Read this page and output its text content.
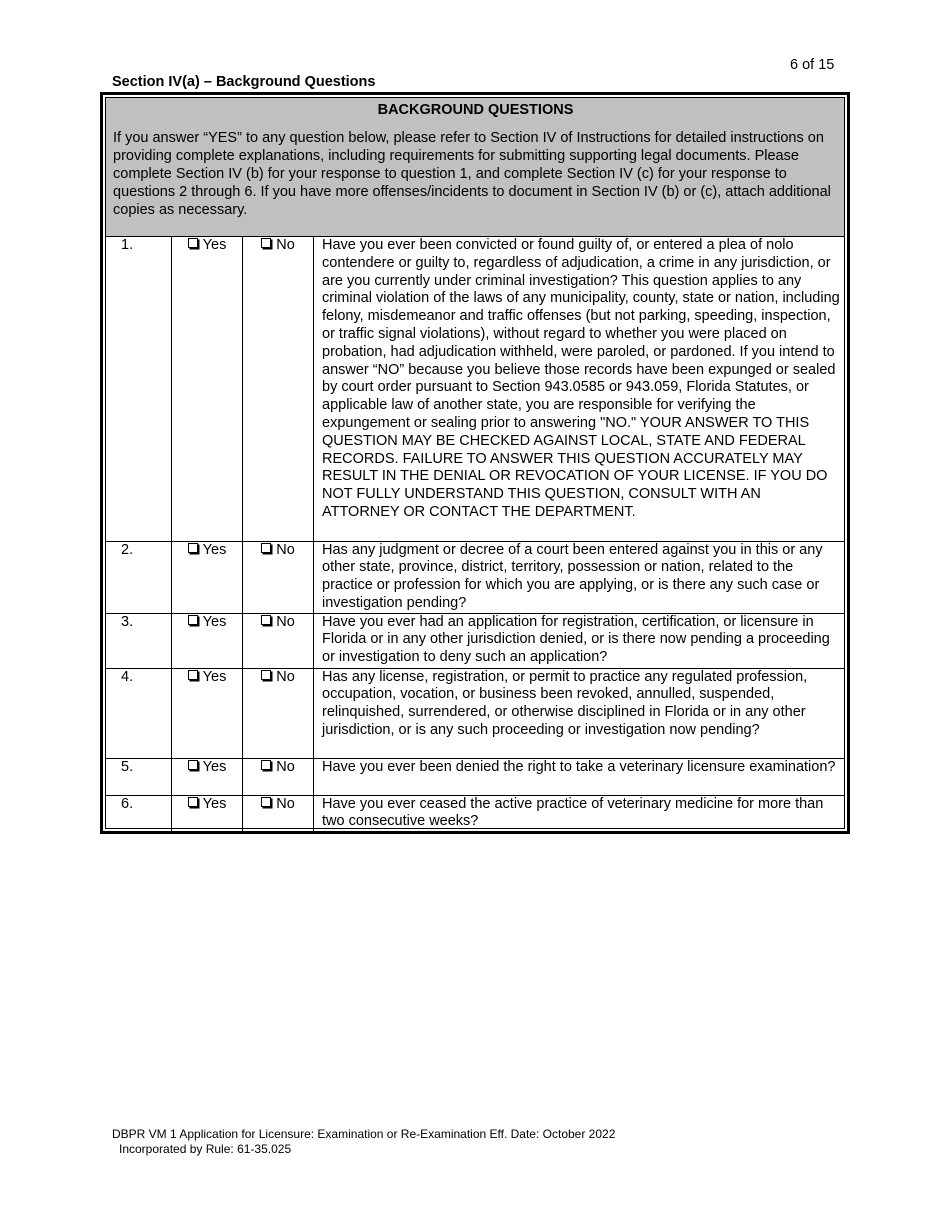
6 of 15
Section IV(a) – Background Questions
BACKGROUND QUESTIONS
If you answer “YES” to any question below, please refer to Section IV of Instructions for detailed instructions on providing complete explanations, including requirements for submitting supporting legal documents. Please complete Section IV (b) for your response to question 1, and complete Section IV (c) for your response to questions 2 through 6. If you have more offenses/incidents to document in Section IV (b) or (c), attach additional copies as necessary.
1.	Yes	No	Have you ever been convicted or found guilty of, or entered a plea of nolo contendere or guilty to, regardless of adjudication, a crime in any jurisdiction, or are you currently under criminal investigation? This question applies to any criminal violation of the laws of any municipality, county, state or nation, including felony, misdemeanor and traffic offenses (but not parking, speeding, inspection, or traffic signal violations), without regard to whether you were placed on probation, had adjudication withheld, were paroled, or pardoned. If you intend to answer “NO” because you believe those records have been expunged or sealed by court order pursuant to Section 943.0585 or 943.059, Florida Statutes, or applicable law of another state, you are responsible for verifying the expungement or sealing prior to answering "NO." YOUR ANSWER TO THIS QUESTION MAY BE CHECKED AGAINST LOCAL, STATE AND FEDERAL RECORDS. FAILURE TO ANSWER THIS QUESTION ACCURATELY MAY RESULT IN THE DENIAL OR REVOCATION OF YOUR LICENSE. IF YOU DO NOT FULLY UNDERSTAND THIS QUESTION, CONSULT WITH AN ATTORNEY OR CONTACT THE DEPARTMENT.
2.	Yes	No	Has any judgment or decree of a court been entered against you in this or any other state, province, district, territory, possession or nation, related to the practice or profession for which you are applying, or is there any such case or investigation pending?
3.	Yes	No	Have you ever had an application for registration, certification, or licensure in Florida or in any other jurisdiction denied, or is there now pending a proceeding or investigation to deny such an application?
4.	Yes	No	Has any license, registration, or permit to practice any regulated profession, occupation, vocation, or business been revoked, annulled, suspended, relinquished, surrendered, or otherwise disciplined in Florida or in any other jurisdiction, or is any such proceeding or investigation now pending?
5.	Yes	No	Have you ever been denied the right to take a veterinary licensure examination?
6.	Yes	No	Have you ever ceased the active practice of veterinary medicine for more than two consecutive weeks?
DBPR VM 1 Application for Licensure: Examination or Re-Examination Eff. Date: October 2022
Incorporated by Rule: 61-35.025
